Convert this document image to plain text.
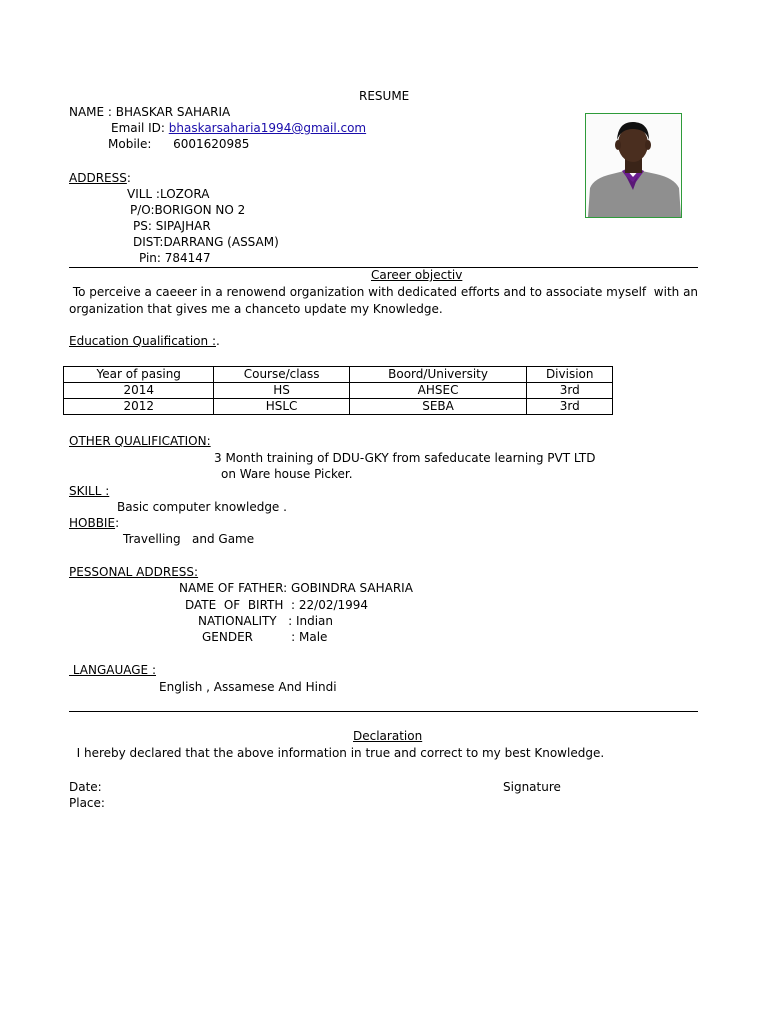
RESUME
NAME : BHASKAR SAHARIA
Email ID: bhaskarsaharia1994@gmail.com
Mobile: 6001620985
ADDRESS:
VILL :LOZORA
P/O:BORIGON NO 2
PS: SIPAJHAR
DIST:DARRANG (ASSAM)
Pin: 784147
Career objectiv
To perceive a caeeer in a renowend organization with dedicated efforts and to associate myself  with an
organization that gives me a chanceto update my Knowledge.
Education Qualification :.
Year of pasing	Course/class	Boord/University	Division
2014	HS	AHSEC	3rd
2012	HSLC	SEBA	3rd
OTHER QUALIFICATION:
3 Month training of DDU-GKY from safeducate learning PVT LTD
on Ware house Picker.
SKILL :
Basic computer knowledge .
HOBBIE:
Travelling   and Game
PESSONAL ADDRESS:
NAME OF FATHER: GOBINDRA SAHARIA
DATE  OF  BIRTH  : 22/02/1994
NATIONALITY   : Indian
GENDER          : Male
LANGAUAGE :
English , Assamese And Hindi
Declaration
I hereby declared that the above information in true and correct to my best Knowledge.
Date:	Signature
Place:
